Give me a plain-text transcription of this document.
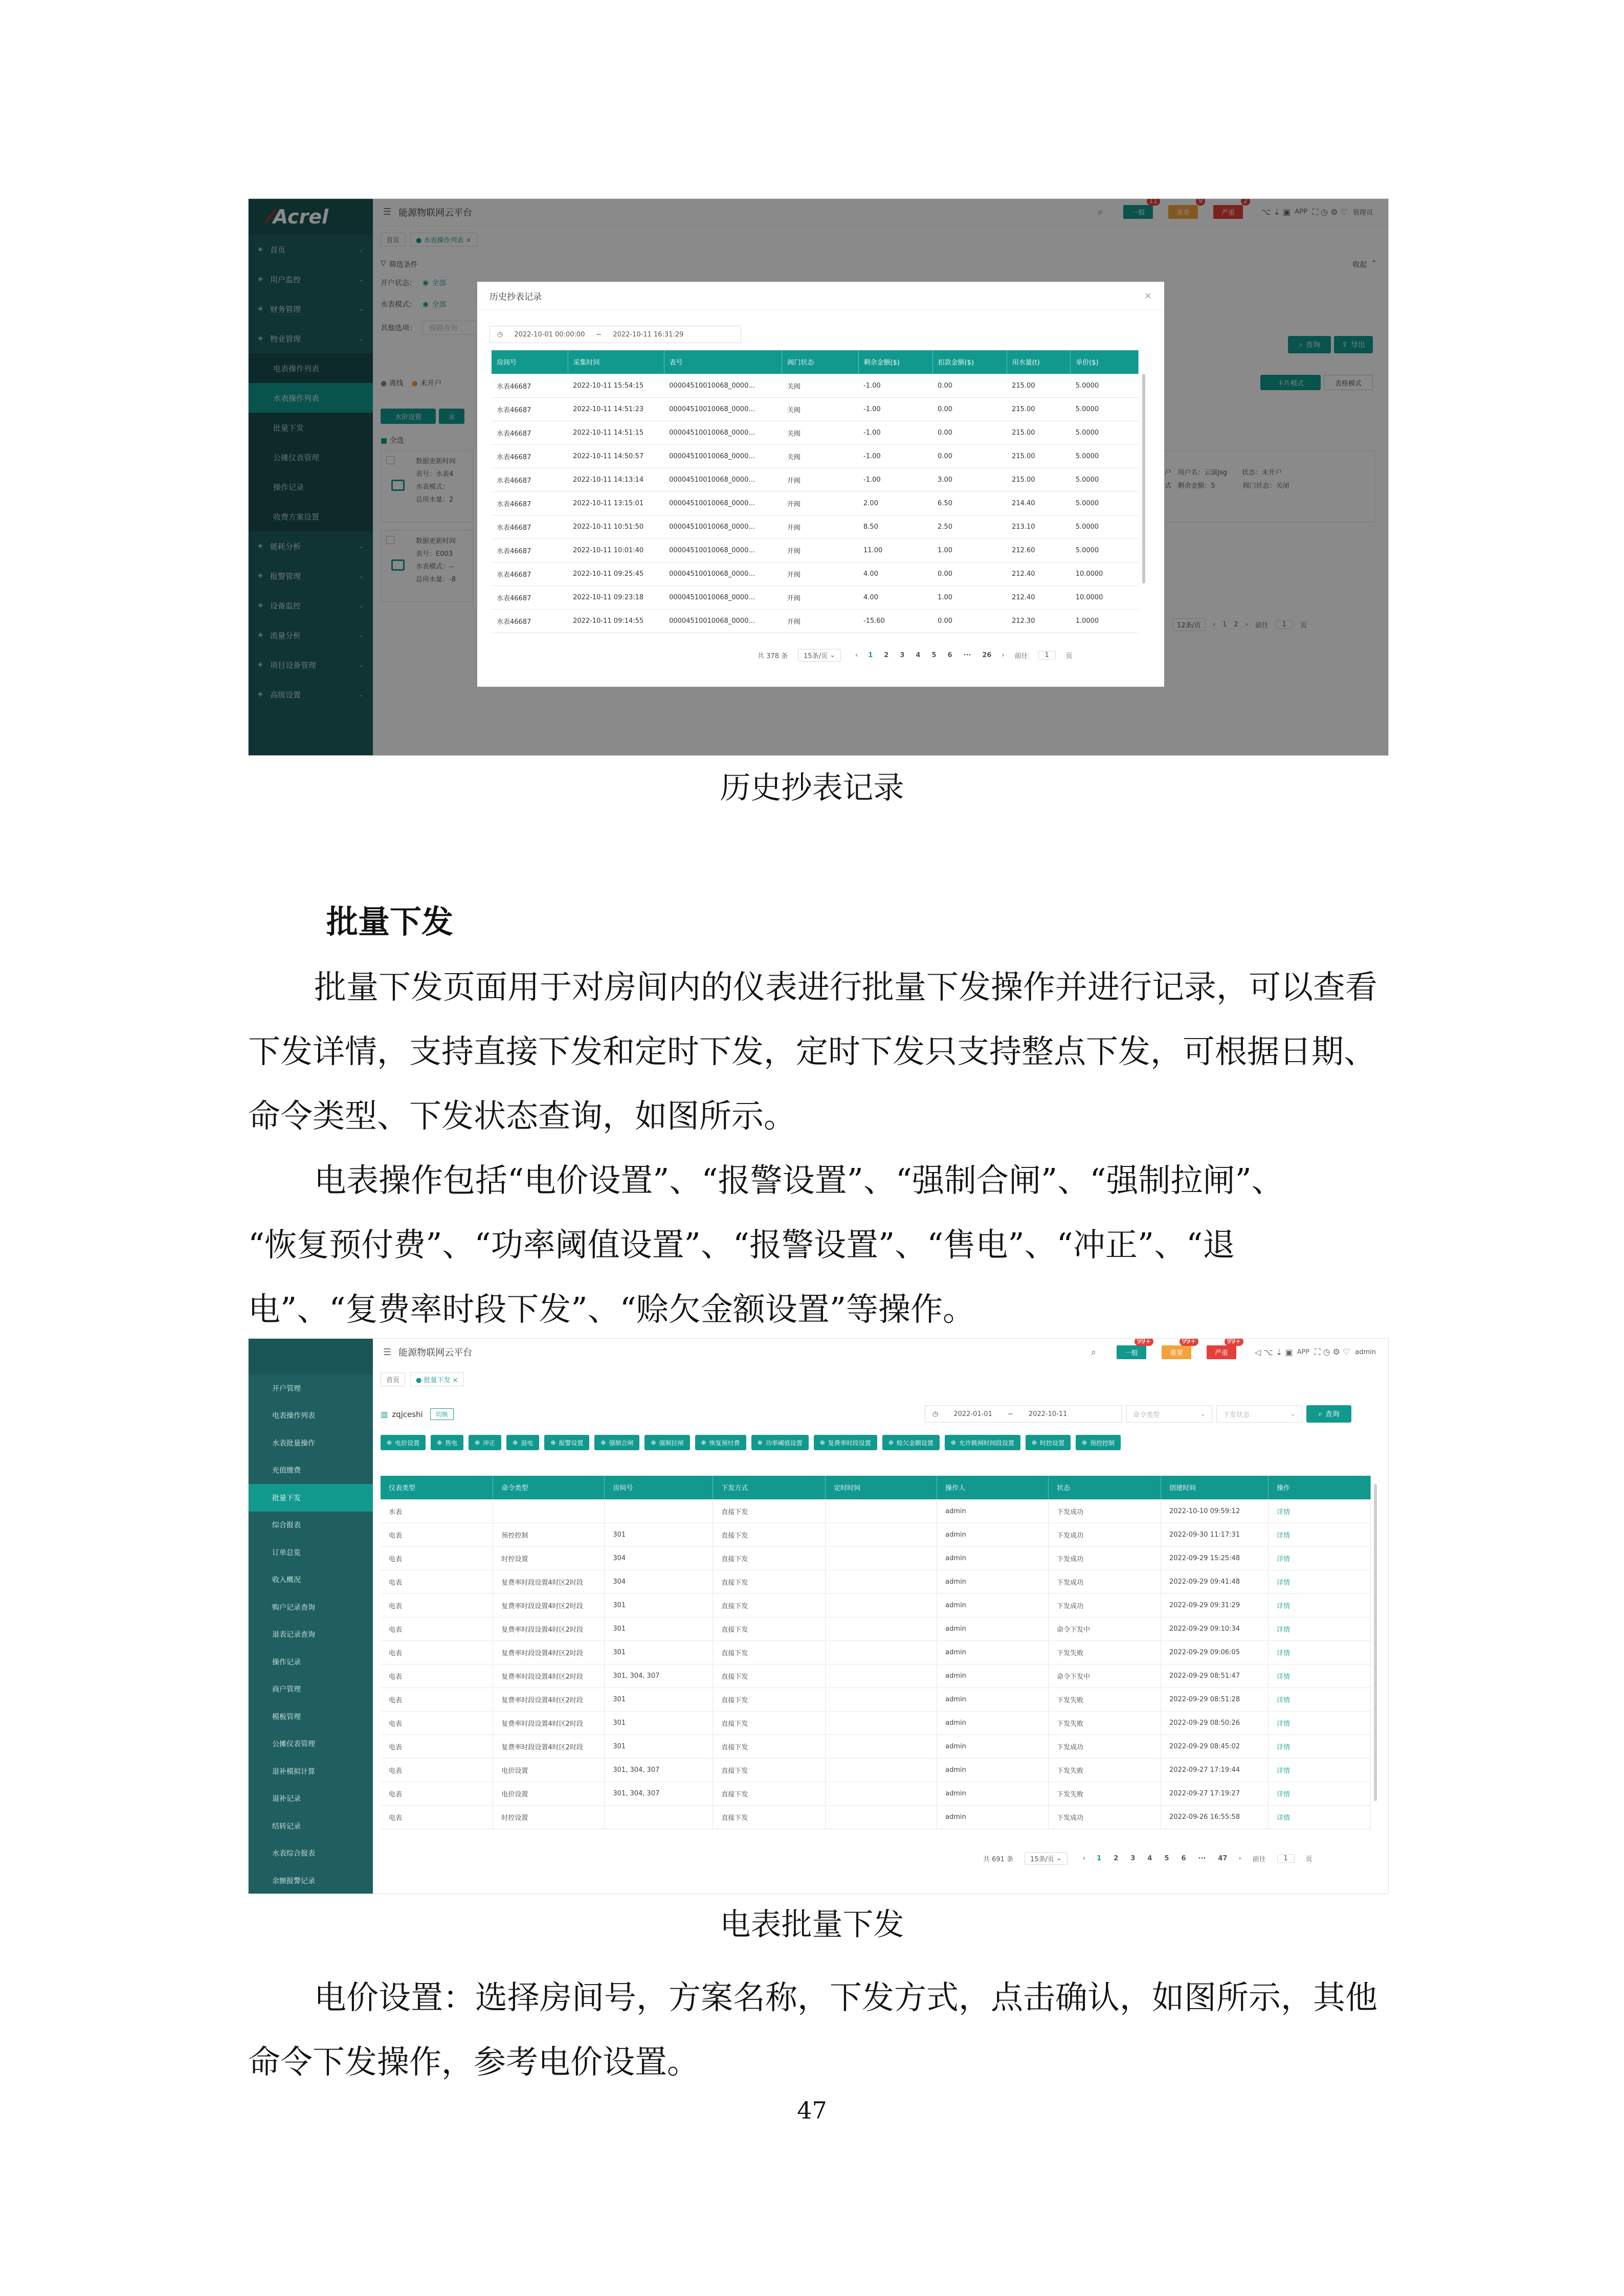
⁄ Acrel
◈ 首页	⌄
◈ 用户监控	⌄
◈ 财务管理	⌄
◈ 物业管理	⌄
电表操作列表
水表操作列表
批量下发
公摊仪表管理
操作记录
收费方案设置
◈ 能耗分析	⌄
◈ 报警管理	⌄
◈ 设备监控	⌄
◈ 流量分析	⌄
◈ 项目设备管理	⌄
◈ 高级设置	⌄
☰ 能源物联网云平台	⌕	一般
11
重要
9
严重
2
⌥ ⇣ ▣ APP ⛶ ◷ ⚙ ♡ 管理员
首页	● 水表操作列表 ×
▽ 筛选条件	收起 ⌃
开户状态： ◉ 全部
水表模式： ◉ 全部
其他选项：	模糊查询
⌕ 查询	⇪ 导出
卡片模式	表格模式
● 离线 ● 未开户
水价设置	水
■ 全选
数据更新时间
表号：水表4
水表模式：
总用水量：2
数据更新时间
表号：E003
水表模式：--
总用水量：-8
户 用户名：云演jsg 状态：未开户
式 剩余金额：5	阀门状态：关闭
12条/页	‹ 1 2 › 前往	1	页
历史抄表记录	×
◷ 2022-10-01 00:00:00 ~ 2022-10-11 16:31:29
房间号	采集时间	表号	阀门状态	剩余金额($)	扣款金额($)	用水量(t)	单价($)
水表46687	2022-10-11 15:54:15	00004510010068_0000...	关阀	-1.00	0.00	215.00	5.0000
水表46687	2022-10-11 14:51:23	00004510010068_0000...	关阀	-1.00	0.00	215.00	5.0000
水表46687	2022-10-11 14:51:15	00004510010068_0000...	关阀	-1.00	0.00	215.00	5.0000
水表46687	2022-10-11 14:50:57	00004510010068_0000...	关阀	-1.00	0.00	215.00	5.0000
水表46687	2022-10-11 14:13:14	00004510010068_0000...	开阀	-1.00	3.00	215.00	5.0000
水表46687	2022-10-11 13:15:01	00004510010068_0000...	开阀	2.00	6.50	214.40	5.0000
水表46687	2022-10-11 10:51:50	00004510010068_0000...	开阀	8.50	2.50	213.10	5.0000
水表46687	2022-10-11 10:01:40	00004510010068_0000...	开阀	11.00	1.00	212.60	5.0000
水表46687	2022-10-11 09:25:45	00004510010068_0000...	开阀	4.00	0.00	212.40	10.0000
水表46687	2022-10-11 09:23:18	00004510010068_0000...	开阀	4.00	1.00	212.40	10.0000
水表46687	2022-10-11 09:14:55	00004510010068_0000...	开阀	-15.60	0.00	212.30	1.0000
共 378 条 15条/页 ⌄	‹ 1 2 3 4 5 6 ··· 26 › 前往	1	页
历史抄表记录
批量下发
批量下发页面用于对房间内的仪表进行批量下发操作并进行记录，可以查看
下发详情，支持直接下发和定时下发，定时下发只支持整点下发，可根据日期、
命令类型、下发状态查询，如图所示。
电表操作包括“电价设置”、“报警设置”、“强制合闸”、“强制拉闸”、
“恢复预付费”、“功率阈值设置”、“报警设置”、“售电”、“冲正”、“退
电”、“复费率时段下发”、“赊欠金额设置”等操作。
开户管理
电表操作列表
水表批量操作
充值缴费
批量下发
综合报表
订单总览
收入概况
购户记录查询
退表记录查询
操作记录
商户管理
模板管理
公摊仪表管理
退补模拟计算
退补记录
结转记录
水表综合报表
余额报警记录
☰ 能源物联网云平台	⌕	一般
99+
重要
99+
严重
99+
◁ ⌥ ⇣ ▣ APP ⛶ ◷ ⚙ ♡ admin
首页	● 批量下发 ×
▥ zqjceshi	切换	◷ 2022-01-01 ~ 2022-10-11	命令类型	⌄	下发状态	⌄	⌕ 查询
⊕ 电价设置	⊕ 售电	⊕ 冲正	⊕ 退电	⊕ 报警设置	⊕ 强制合闸	⊕ 强制拉闸	⊕ 恢复预付费	⊕ 功率阈值设置	⊕ 复费率时段设置	⊕ 赊欠金额设置	⊕ 允许跳闸时间段设置	⊕ 时控设置	⊕ 预控控制
仪表类型	命令类型	房间号	下发方式	定时时间	操作人	状态	创建时间	操作
水表			直接下发		admin	下发成功	2022-10-10 09:59:12	详情
电表	预控控制	301	直接下发		admin	下发成功	2022-09-30 11:17:31	详情
电表	时控设置	304	直接下发		admin	下发成功	2022-09-29 15:25:48	详情
电表	复费率时段设置4时区2时段	304	直接下发		admin	下发成功	2022-09-29 09:41:48	详情
电表	复费率时段设置4时区2时段	301	直接下发		admin	下发成功	2022-09-29 09:31:29	详情
电表	复费率时段设置4时区2时段	301	直接下发		admin	命令下发中	2022-09-29 09:10:34	详情
电表	复费率时段设置4时区2时段	301	直接下发		admin	下发失败	2022-09-29 09:06:05	详情
电表	复费率时段设置4时区2时段	301, 304, 307	直接下发		admin	命令下发中	2022-09-29 08:51:47	详情
电表	复费率时段设置4时区2时段	301	直接下发		admin	下发失败	2022-09-29 08:51:28	详情
电表	复费率时段设置4时区2时段	301	直接下发		admin	下发失败	2022-09-29 08:50:26	详情
电表	复费率时段设置4时区2时段	301	直接下发		admin	下发成功	2022-09-29 08:45:02	详情
电表	电价设置	301, 304, 307	直接下发		admin	下发失败	2022-09-27 17:19:44	详情
电表	电价设置	301, 304, 307	直接下发		admin	下发失败	2022-09-27 17:19:27	详情
电表	时控设置		直接下发		admin	下发成功	2022-09-26 16:55:58	详情
共 691 条	15条/页 ⌄	‹ 1 2 3 4 5 6 ··· 47 › 前往	1	页
电表批量下发
电价设置：选择房间号，方案名称，下发方式，点击确认，如图所示，其他
命令下发操作，参考电价设置。
47
